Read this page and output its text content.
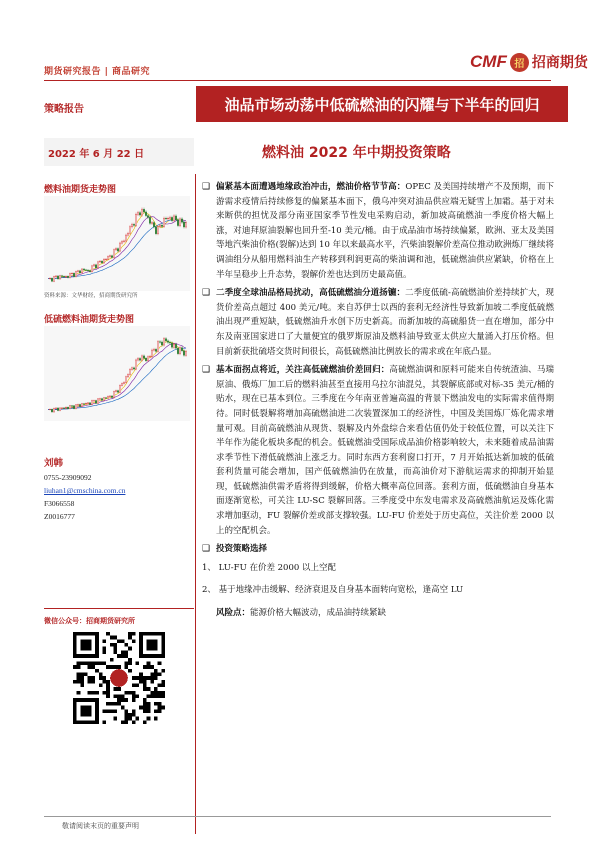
期货研究报告 | 商品研究
CMF 招 招商期货
策略报告	油品市场动荡中低硫燃油的闪耀与下半年的回归
2022 年 6 月 22 日	燃料油 2022 年中期投资策略
燃料油期货走势图
资料来源：文华财经，招商期货研究所
低硫燃料油期货走势图
刘韩
0755-23909092
liuhan1@cmschina.com.cn
F3066558
Z0016777
微信公众号：招商期货研究所
❑ 偏紧基本面遭遇地缘政治冲击，燃油价格节节高：OPEC 及美国持续增产不及预期，而下游需求疫情后持续修复的偏紧基本面下，俄乌冲突对油品供应端无疑雪上加霜。基于对未来断供的担忧及部分南亚国家季节性发电采购启动，新加坡高硫燃油一季度价格大幅上涨，对迪拜原油裂解也回升至-10 美元/桶。由于成品油市场持续偏紧，欧洲、亚太及美国等地汽柴油价格(裂解)达到 10 年以来最高水平，汽柴油裂解价差高位推动欧洲炼厂继续将调油组分从船用燃料油生产转移到利润更高的柴油调和池，低硫燃油供应紧缺，价格在上半年呈稳步上升态势，裂解价差也达到历史最高值。
❑ 二季度全球油品格局扰动，高低硫燃油分道扬镳：二季度低硫-高硫燃油价差持续扩大，现货价差高点超过 400 美元/吨。来自苏伊士以西的套利无经济性导致新加坡二季度低硫燃油出现严重短缺，低硫燃油升水创下历史新高。而新加坡的高硫船货一直在增加，部分中东及南亚国家进口了大量便宜的俄罗斯原油及燃料油导致亚太供应大量涌入打压价格。但目前新获批硫塔交货时间很长，高低硫燃油比例放长的需求或在年底凸显。
❑ 基本面拐点将近，关注高低硫燃油价差回归：高硫燃油调和原料可能来自传统渣油、马瑞原油、俄炼厂加工后的燃料油甚至直接用乌拉尔油混兑，其裂解底部或对标-35 美元/桶的贴水，现在已基本到位。三季度在今年南亚普遍高温的背景下燃油发电的实际需求值得期待。同时低裂解将增加高硫燃油进二次装置深加工的经济性，中国及美国炼厂炼化需求增量可观。目前高硫燃油从现货、裂解及内外盘综合来看估值仍处于较低位置，可以关注下半年作为能化板块多配的机会。低硫燃油受国际成品油价格影响较大，未来随着成品油需求季节性下滑低硫燃油上涨乏力。同时东西方套利窗口打开，7 月开始抵达新加坡的低硫套利货量可能会增加，国产低硫燃油仍在放量，而高油价对下游航运需求的抑制开始显现，低硫燃油供需矛盾将得到缓解，价格大概率高位回落。套利方面，低硫燃油自身基本面逐渐宽松，可关注 LU-SC 裂解回落。三季度受中东发电需求及高硫燃油航运及炼化需求增加驱动，FU 裂解价差或部支撑较强。LU-FU 价差处于历史高位，关注价差 2000 以上的空配机会。
❑ 投资策略选择
1、 LU-FU 在价差 2000 以上空配
2、 基于地缘冲击缓解、经济衰退及自身基本面转向宽松，逢高空 LU
风险点：能源价格大幅波动，成品油持续紧缺
敬请阅读末页的重要声明
